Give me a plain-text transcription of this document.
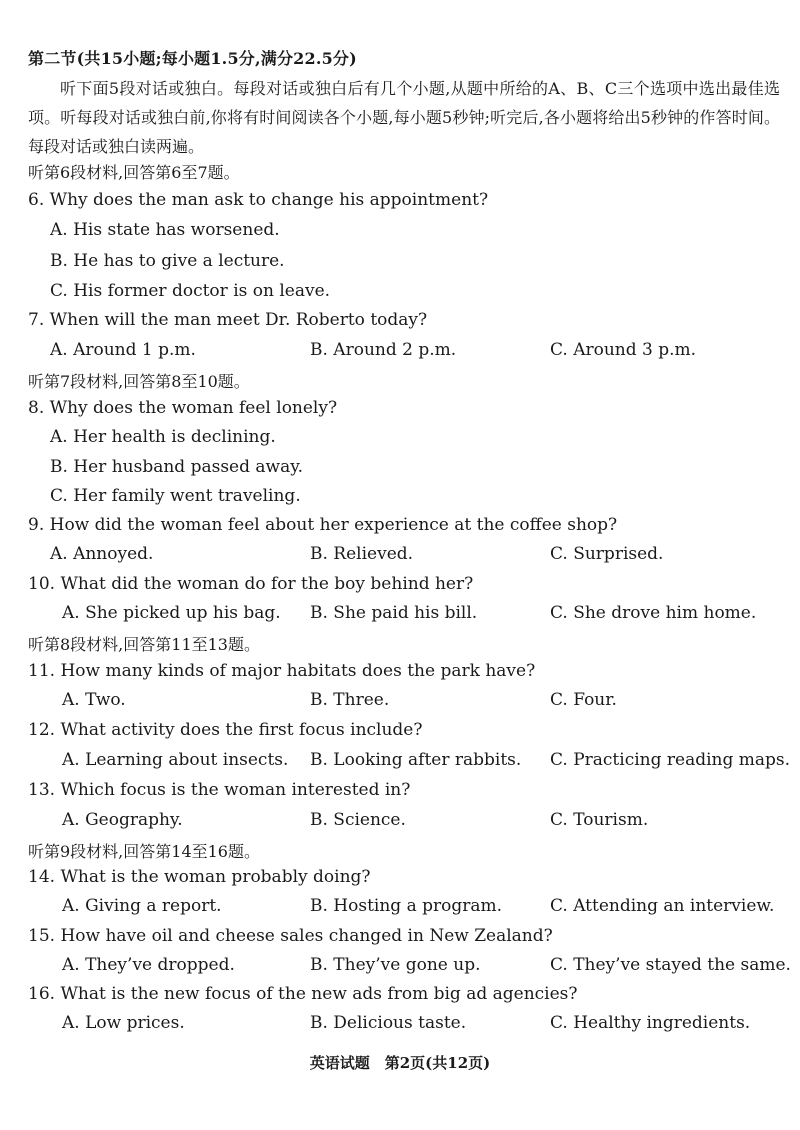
第二节(共15小题;每小题1.5分,满分22.5分)

听下面5段对话或独白。每段对话或独白后有几个小题,从题中所给的A、B、C三个选项中选出最佳选项。听每段对话或独白前,你将有时间阅读各个小题,每小题5秒钟;听完后,各小题将给出5秒钟的作答时间。每段对话或独白读两遍。

听第6段材料,回答第6至7题。
6. Why does the man ask to change his appointment?
A. His state has worsened.
B. He has to give a lecture.
C. His former doctor is on leave.
7. When will the man meet Dr. Roberto today?
A. Around 1 p.m.	B. Around 2 p.m.	C. Around 3 p.m.
听第7段材料,回答第8至10题。
8. Why does the woman feel lonely?
A. Her health is declining.
B. Her husband passed away.
C. Her family went traveling.
9. How did the woman feel about her experience at the coffee shop?
A. Annoyed.	B. Relieved.	C. Surprised.
10. What did the woman do for the boy behind her?
A. She picked up his bag. B. She paid his bill.	C. She drove him home.
听第8段材料,回答第11至13题。
11. How many kinds of major habitats does the park have?
A. Two.	B. Three.	C. Four.
12. What activity does the first focus include?
A. Learning about insects. B. Looking after rabbits. C. Practicing reading maps.
13. Which focus is the woman interested in?
A. Geography.	B. Science.	C. Tourism.
听第9段材料,回答第14至16题。
14. What is the woman probably doing?
A. Giving a report.	B. Hosting a program.	C. Attending an interview.
15. How have oil and cheese sales changed in New Zealand?
A. They’ve dropped.	B. They’ve gone up.	C. They’ve stayed the same.
16. What is the new focus of the new ads from big ad agencies?
A. Low prices.	B. Delicious taste.	C. Healthy ingredients.
英语试题　第2页(共12页)
